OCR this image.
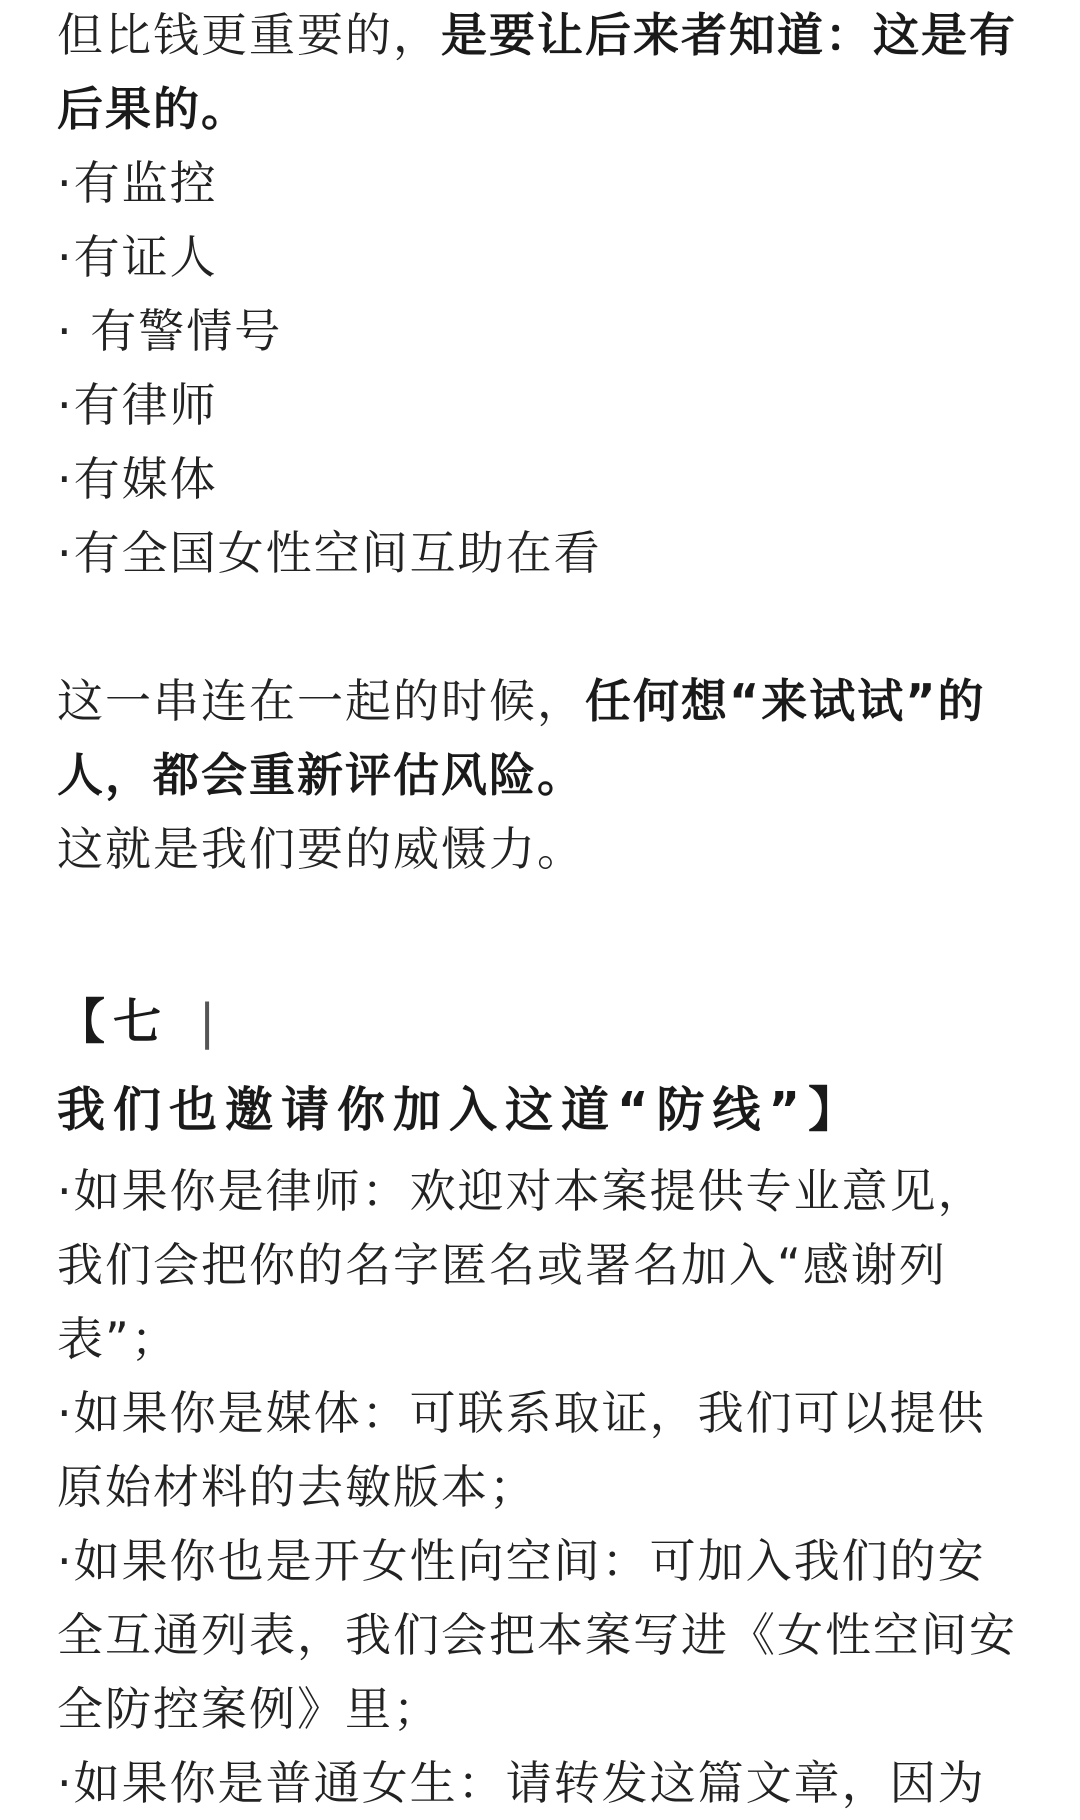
但比钱更重要的，是要让后来者知道：这是有后果的。

·有监控
·有证人
· 有警情号
·有律师
·有媒体
·有全国女性空间互助在看

这一串连在一起的时候，任何想“来试试”的人，都会重新评估风险。

这就是我们要的威慑力。

【七 |我们也邀请你加入这道“防线”】
·如果你是律师：欢迎对本案提供专业意见，我们会把你的名字匿名或署名加入“感谢列表”；
·如果你是媒体：可联系取证，我们可以提供原始材料的去敏版本；
·如果你也是开女性向空间：可加入我们的安全互通列表，我们会把本案写进《女性空间安全防控案例》里；
·如果你是普通女生：请转发这篇文章，因为
